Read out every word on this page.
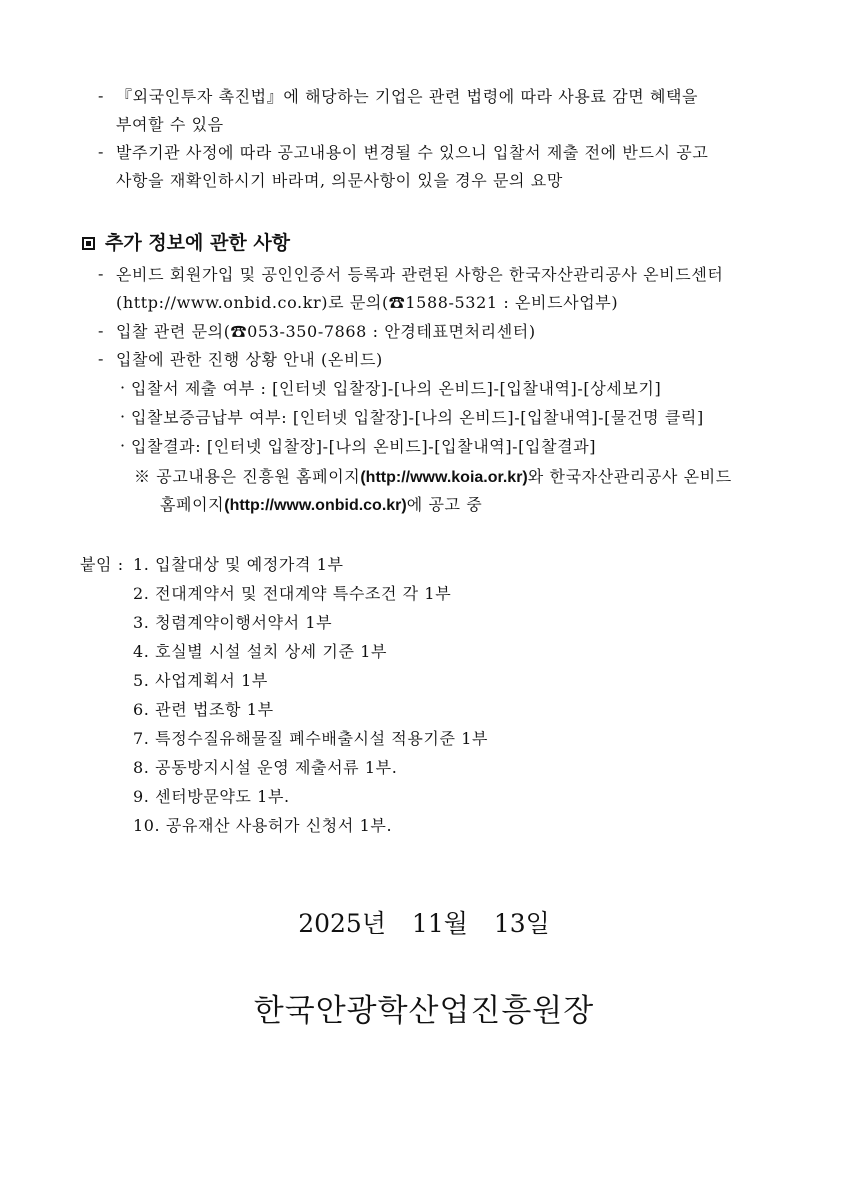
- 『외국인투자 촉진법』에 해당하는 기업은 관련 법령에 따라 사용료 감면 혜택을
부여할 수 있음
- 발주기관 사정에 따라 공고내용이 변경될 수 있으니 입찰서 제출 전에 반드시 공고
사항을 재확인하시기 바라며, 의문사항이 있을 경우 문의 요망
추가 정보에 관한 사항
- 온비드 회원가입 및 공인인증서 등록과 관련된 사항은 한국자산관리공사 온비드센터
(http://www.onbid.co.kr)로 문의(☎1588-5321 : 온비드사업부)
- 입찰 관련 문의(☎053-350-7868 : 안경테표면처리센터)
- 입찰에 관한 진행 상황 안내 (온비드)
· 입찰서 제출 여부 : [인터넷 입찰장]-[나의 온비드]-[입찰내역]-[상세보기]
· 입찰보증금납부 여부: [인터넷 입찰장]-[나의 온비드]-[입찰내역]-[물건명 클릭]
· 입찰결과: [인터넷 입찰장]-[나의 온비드]-[입찰내역]-[입찰결과]
※ 공고내용은 진흥원 홈페이지(http://www.koia.or.kr)와 한국자산관리공사 온비드
홈페이지(http://www.onbid.co.kr)에 공고 중
붙임 : 1. 입찰대상 및 예정가격 1부
2. 전대계약서 및 전대계약 특수조건 각 1부
3. 청렴계약이행서약서 1부
4. 호실별 시설 설치 상세 기준 1부
5. 사업계획서 1부
6. 관련 법조항 1부
7. 특정수질유해물질 폐수배출시설 적용기준 1부
8. 공동방지시설 운영 제출서류 1부.
9. 센터방문약도 1부.
10. 공유재산 사용허가 신청서 1부.
2025년 11월 13일
한국안광학산업진흥원장
